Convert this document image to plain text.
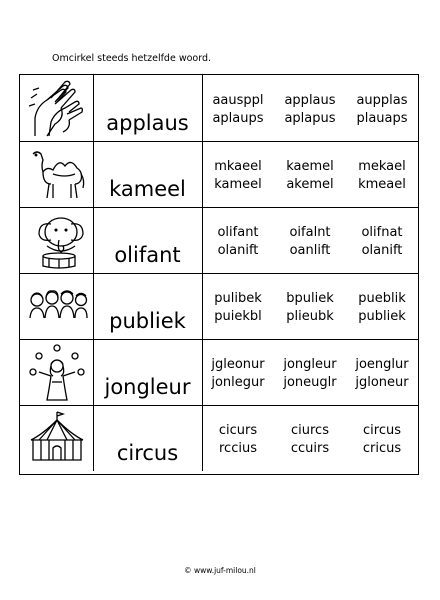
Omcirkel steeds hetzelfde woord.
applaus
aausppl	applaus	aupplas
aplaups	aplapus	plauaps
kameel
mkaeel	kaemel	mekael
kameel	akemel	kmeael
olifant
olifant	oifalnt	olifnat
olanift	oanlift	olanift
publiek
pulibek	bpuliek	pueblik
puiekbl	plieubk	publiek
jongleur
jgleonur	jongleur	joenglur
jonlegur	joneuglr	jgloneur
circus
cicurs	ciurcs	circus
rccius	ccuirs	cricus
© www.juf-milou.nl
